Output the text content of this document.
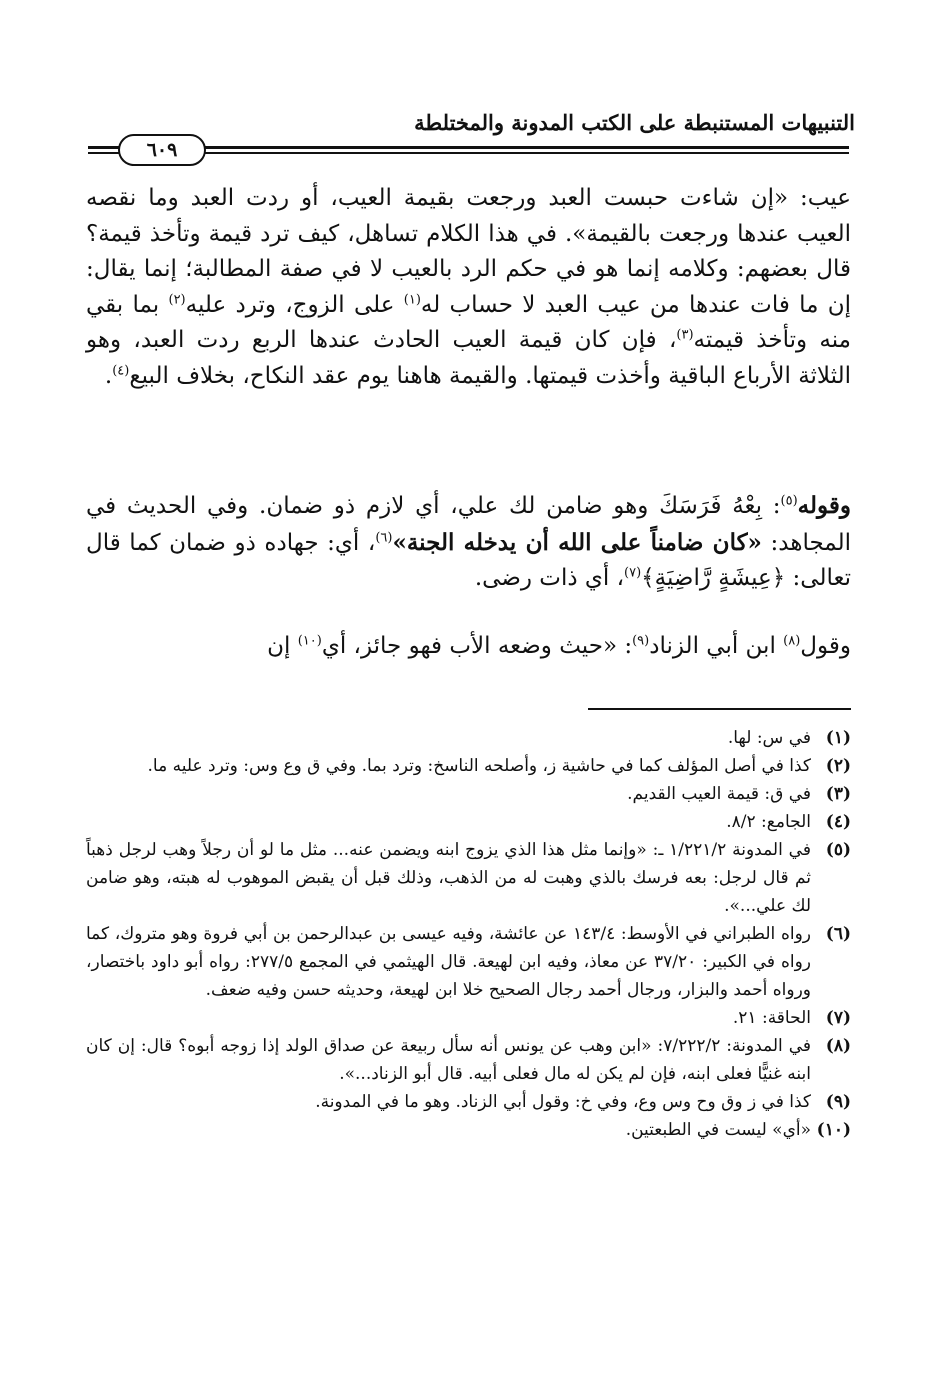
التنبيهات المستنبطة على الكتب المدونة والمختلطة
٦٠٩
عيب: «إن شاءت حبست العبد ورجعت بقيمة العيب، أو ردت العبد وما نقصه العيب عندها ورجعت بالقيمة». في هذا الكلام تساهل، كيف ترد قيمة وتأخذ قيمة؟ قال بعضهم: وكلامه إنما هو في حكم الرد بالعيب لا في صفة المطالبة؛ إنما يقال: إن ما فات عندها من عيب العبد لا حساب له$^{(١)}$ على الزوج، وترد عليه$^{(٢)}$ بما بقي منه وتأخذ قيمته$^{(٣)}$، فإن كان قيمة العيب الحادث عندها الربع ردت العبد، وهو الثلاثة الأرباع الباقية وأخذت قيمتها. والقيمة هاهنا يوم عقد النكاح، بخلاف البيع$^{(٤)}$.
وقوله$^{(٥)}$: بِعْهُ فَرَسَكَ وهو ضامن لك علي، أي لازم ذو ضمان. وفي الحديث في المجاهد: «كان ضامناً على الله أن يدخله الجنة»$^{(٦)}$، أي: جهاده ذو ضمان كما قال تعالى: ﴿عِيشَةٍ رَّاضِيَةٍ﴾$^{(٧)}$، أي ذات رضى.
وقول$^{(٨)}$ ابن أبي الزناد$^{(٩)}$: «حيث وضعه الأب فهو جائز، أي$^{(١٠)}$ إن
(١)
في س: لها.
(٢)
كذا في أصل المؤلف كما في حاشية ز، وأصلحه الناسخ: وترد بما. وفي ق وع وس: وترد عليه ما.
(٣)
في ق: قيمة العيب القديم.
(٤)
الجامع: ٨/٢.
(٥)
في المدونة ١/٢٢١/٢ ـ: «وإنما مثل هذا الذي يزوج ابنه ويضمن عنه... مثل ما لو أن رجلاً وهب لرجل ذهباً ثم قال لرجل: بعه فرسك بالذي وهبت له من الذهب، وذلك قبل أن يقبض الموهوب له هبته، وهو ضامن لك علي...».
(٦)
رواه الطبراني في الأوسط: ١٤٣/٤ عن عائشة، وفيه عيسى بن عبدالرحمن بن أبي فروة وهو متروك، كما رواه في الكبير: ٣٧/٢٠ عن معاذ، وفيه ابن لهيعة. قال الهيثمي في المجمع ٢٧٧/٥: رواه أبو داود باختصار، ورواه أحمد والبزار، ورجال أحمد رجال الصحيح خلا ابن لهيعة، وحديثه حسن وفيه ضعف.
(٧)
الحاقة: ٢١.
(٨)
في المدونة: ٧/٢٢٢/٢: «ابن وهب عن يونس أنه سأل ربيعة عن صداق الولد إذا زوجه أبوه؟ قال: إن كان ابنه غنيًّا فعلى ابنه، فإن لم يكن له مال فعلى أبيه. قال أبو الزناد...».
(٩)
كذا في ز وق وح وس وع، وفي خ: وقول أبي الزناد. وهو ما في المدونة.
(١٠)
«أي» ليست في الطبعتين.
